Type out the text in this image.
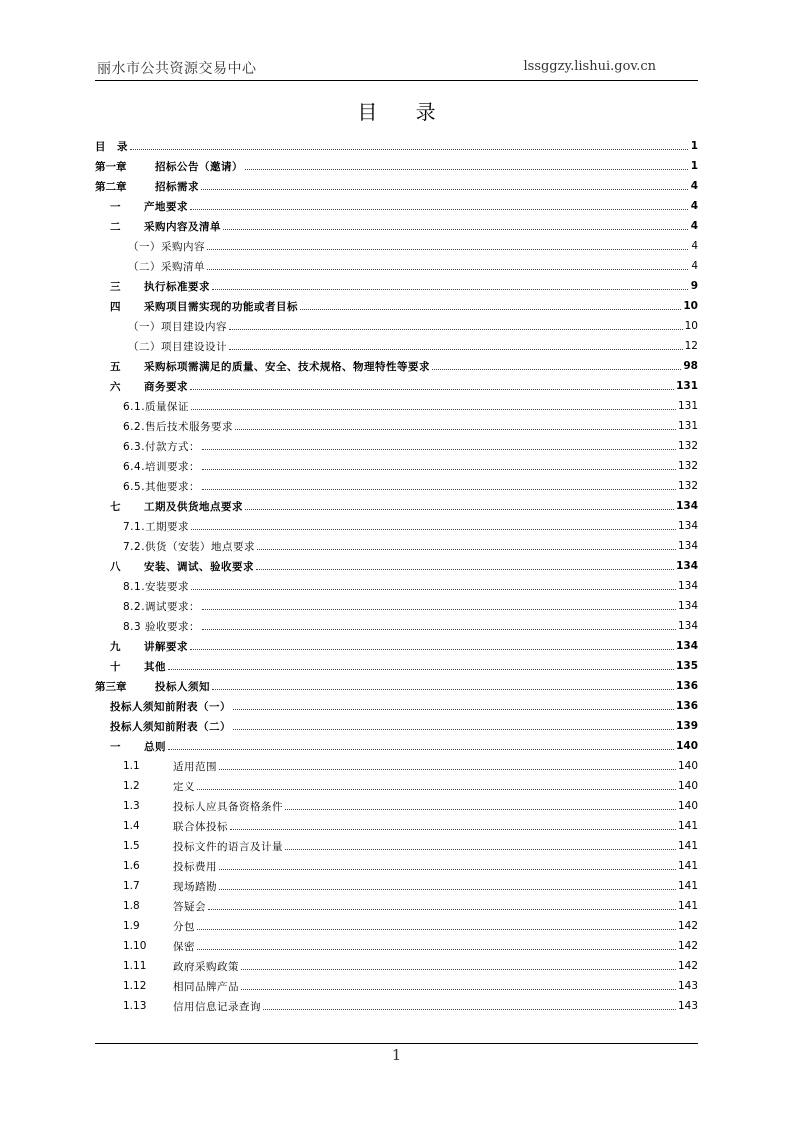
丽水市公共资源交易中心	lssggzy.lishui.gov.cn
目 录
目　录	1
第一章	招标公告（邀请）	1
第二章	招标需求	4
一	产地要求	4
二	采购内容及清单	4
（一）采购内容	4
（二）采购清单	4
三	执行标准要求	9
四	采购项目需实现的功能或者目标	10
（一）项目建设内容	10
（二）项目建设设计	12
五	采购标项需满足的质量、安全、技术规格、物理特性等要求	98
六	商务要求	131
6.1.质量保证	131
6.2.售后技术服务要求	131
6.3.付款方式：	132
6.4.培训要求：	132
6.5.其他要求：	132
七	工期及供货地点要求	134
7.1.工期要求	134
7.2.供货（安装）地点要求	134
八	安装、调试、验收要求	134
8.1.安装要求	134
8.2.调试要求：	134
8.3 验收要求：	134
九	讲解要求	134
十	其他	135
第三章	投标人须知	136
投标人须知前附表（一）	136
投标人须知前附表（二）	139
一	总则	140
1.1	适用范围	140
1.2	定义	140
1.3	投标人应具备资格条件	140
1.4	联合体投标	141
1.5	投标文件的语言及计量	141
1.6	投标费用	141
1.7	现场踏勘	141
1.8	答疑会	141
1.9	分包	142
1.10	保密	142
1.11	政府采购政策	142
1.12	相同品牌产品	143
1.13	信用信息记录查询	143
1
